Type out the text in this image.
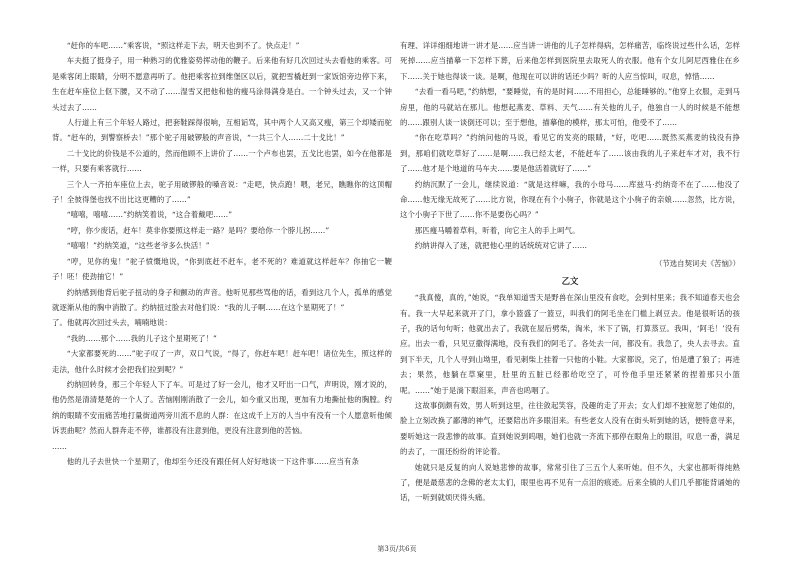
“赶你的车吧……”乘客说，“照这样走下去，明天也到不了。快点走！”

车夫挺了挺身子，用一种熟习的优雅姿势挥动他的鞭子。后来他有好几次回过头去看他的乘客。可是乘客闭上眼睛，分明不愿意再听了。他把乘客拉到维堡区以后，就把雪橇赶到一家饭馆旁边停下来，生在赶车座位上伛下腰，又不动了……湿雪又把他和他的瘦马涂得满身是白。一个钟头过去，又一个钟头过去了……

人行道上有三个年轻人路过，把套鞋踩得很响，互相诟骂，其中两个人又高又瘦，第三个却矮而驼背。“赶车的，到警察桥去！”那个驼子用破锣般的声音说，“一共三个人……二十戈比！”

二十戈比的价钱是不公道的，然而他顾不上讲价了……一个卢布也罢，五戈比也罢，如今在他都是一样，只要有乘客就行……

三个人一齐拍车座位上去，驼子用破锣般的嗓音说：“走吧，快点跑！喂，老兄，瞧瞧你的这顶帽子！全彼得堡也找不出比这更糟的了……”

“嘻嘻，嘻嘻……”约纳笑着说，“这合着戴吧……”

“哼，你少废话，赶车！莫非你要照这样走一路？是吗？要给你一个脖儿拐……”

“嘻嘻！”约纳笑道，“这些老爷多么快活！”

“哼，见你的鬼！”驼子愤慨地说，“你到底赶不赶车，老不死的？难道就这样赶车？你抽它一鞭子！呸！使劲抽它！”

约纳感到他背后驼子扭动的身子和颤动的声音。他听见那些骂他的话，看到这几个人，孤单的感觉就逐渐从他的胸中消散了。约纳扭过脸去对他们说：“我的儿子啊……在这个星期死了！”

了。他就再次回过头去，喃喃地说：

“我的……那个……我的儿子这个星期死了！”

“大家都要死的……”驼子叹了一声，双口气说，“得了，你赶车吧！赶车吧！诸位先生，照这样的走法，他什么时候才会把我们拉到呢？”

约纳回转身，那三个年轻人下了车。可是过了好一会儿，他才又吁出一口气，声明说，刚才说的，他仍然是清清楚楚的一个人了。苦恼刚刚消散了一会儿，如今重又出现，更加有力地撕扯他的胸膛。约纳的眼睛不安而痛苦地打量街道两旁川流不息的人群：在这成千上万的人当中有没有一个人愿意听他倾诉衷曲呢？然而人群奔走不停，谁都没有注意到他，更没有注意到他的苦恼。

……

他的儿子去世快一个星期了，他却至今还没有跟任何人好好地谈一下这件事……应当有条

有理、详详细细地讲一讲才是……应当讲一讲他的儿子怎样得病，怎样痛苦，临终说过些什么话，怎样死掉……应当描摹一下怎样下葬，后来他怎样到医院里去取死人的衣服。他有个女儿阿尼西雅住在乡下……关于她也得谈一谈。是啊，他现在可以讲的话还少吗？听的人应当惊叫，叹息，悼惜……

“去看一看马吧，”约纳想，“要睡觉，有的是时间……不用担心，总能睡够的。”他穿上衣服，走到马房里，他的马就站在那儿。他想起燕麦、草料、天气……有关他的儿子，他独自一人的时候是不能想的……跟别人谈一谈倒还可以；至于想他，描摹他的模样，那太可怕，他受不了……

“你在吃草吗？”约纳问他的马说，看见它的发亮的眼睛，“好，吃吧……既然买燕麦的钱没有挣到，那咱们就吃草好了……是啊……我已经太老，不能赶车了……该由我的儿子来赶车才对，我不行了……他才是个地道的马车夫……要是他活着就好了……”

约纳沉默了一会儿，继续说道：“就是这样嘛，我的小母马……库兹马·约纳奇不在了……他没了命……他无缘无故死了……比方说，你现在有个小驹子，你就是这个小驹子的亲娘……忽然，比方说，这个小驹子下世了……你不是要伤心吗？”

那匹瘦马嚼着草料，听着，向它主人的手上呵气。

约纳讲得入了迷，就把他心里的话统统对它讲了……

（节选自契诃夫《苦恼》）
乙文

“我真傻，真的，”她说，“我单知道雪天是野兽在深山里没有食吃，会到村里来；我不知道春天也会有。我一大早起来就开了门，拿小篮盛了一篮豆，叫我们的阿毛坐在门槛上剥豆去。他是很听话的孩子，我的话句句听；他就出去了。我就在屋后劈柴，淘米，米下了锅，打算蒸豆。我叫，‘阿毛！’没有应。出去一看，只见豆撒得满地，没有我们的阿毛了。各处去一问，都没有。我急了，央人去寻去。直到下半天，几个人寻到山坳里，看见刺柴上挂着一只他的小鞋。大家都说，完了，怕是遭了狼了；再进去；果然，他躺在草窠里，肚里的五脏已经都给吃空了，可怜他手里还紧紧的捏着那只小篮呢。……”她于是淌下眼泪来，声音也呜咽了。

这故事倒颇有效，男人听到这里，往往敛起笑容，没趣的走了开去；女人们却不独宽恕了她似的，脸上立刻改换了鄙薄的神气，还要陪出许多眼泪来。有些老女人没有在街头听到她的话，便特意寻来，要听她这一段悲惨的故事。直到她说到呜咽，她们也就一齐流下那停在眼角上的眼泪，叹息一番，满足的去了，一面还纷纷的评论着。

她就只是反复的向人说她悲惨的故事，常常引住了三五个人来听她。但不久，大家也都听得纯熟了，便是最慈悲的念佛的老太太们，眼里也再不见有一点泪的痕迹。后来全镇的人们几乎都能背诵她的话，一听到就烦厌得头痛。

第3页/共6页
